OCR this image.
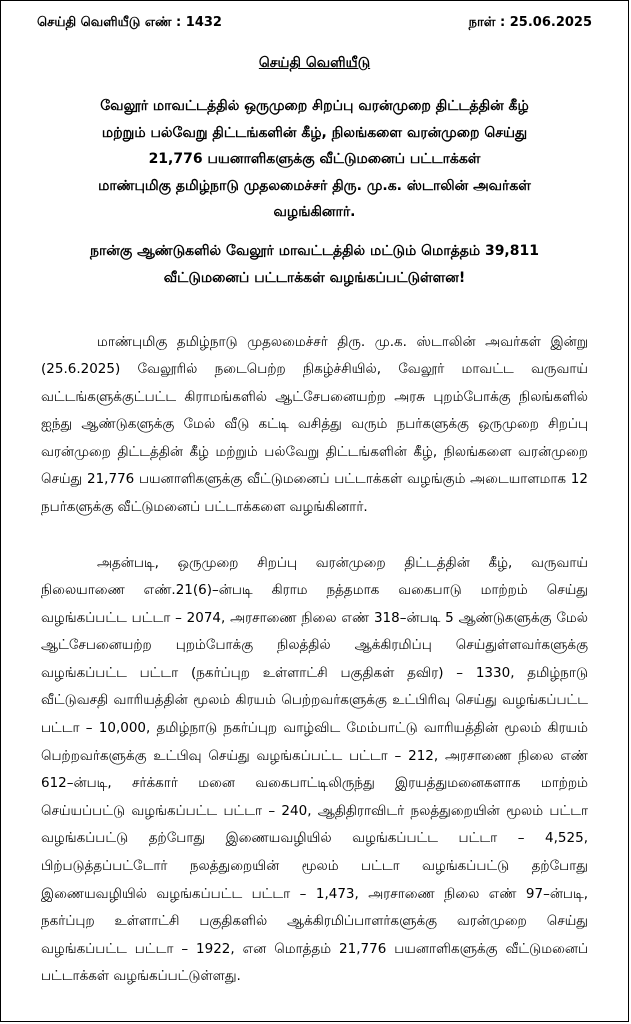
செய்தி வெளியீடு எண் : 1432	நாள் : 25.06.2025
செய்தி வெளியீடு
வேலூர் மாவட்டத்தில் ஒருமுறை சிறப்பு வரன்முறை திட்டத்தின் கீழ்
மற்றும் பல்வேறு திட்டங்களின் கீழ், நிலங்களை வரன்முறை செய்து
21,776 பயனாளிகளுக்கு வீட்டுமனைப் பட்டாக்கள்
மாண்புமிகு தமிழ்நாடு முதலமைச்சர் திரு. மு.க. ஸ்டாலின் அவர்கள்
வழங்கினார்.
நான்கு ஆண்டுகளில் வேலூர் மாவட்டத்தில் மட்டும் மொத்தம் 39,811
வீட்டுமனைப் பட்டாக்கள் வழங்கப்பட்டுள்ளன!

மாண்புமிகு தமிழ்நாடு முதலமைச்சர் திரு. மு.க. ஸ்டாலின் அவர்கள் இன்று (25.6.2025) வேலூரில் நடைபெற்ற நிகழ்ச்சியில், வேலூர் மாவட்ட வருவாய் வட்டங்களுக்குட்பட்ட கிராமங்களில் ஆட்சேபனையற்ற அரசு புறம்போக்கு நிலங்களில் ஐந்து ஆண்டுகளுக்கு மேல் வீடு கட்டி வசித்து வரும் நபர்களுக்கு ஒருமுறை சிறப்பு வரன்முறை திட்டத்தின் கீழ் மற்றும் பல்வேறு திட்டங்களின் கீழ், நிலங்களை வரன்முறை செய்து 21,776 பயனாளிகளுக்கு வீட்டுமனைப் பட்டாக்கள் வழங்கும் அடையாளமாக 12 நபர்களுக்கு வீட்டுமனைப் பட்டாக்களை வழங்கினார்.

அதன்படி, ஒருமுறை சிறப்பு வரன்முறை திட்டத்தின் கீழ், வருவாய் நிலையாணை எண்.21(6)–ன்படி கிராம நத்தமாக வகைபாடு மாற்றம் செய்து வழங்கப்பட்ட பட்டா – 2074, அரசாணை நிலை எண் 318–ன்படி 5 ஆண்டுகளுக்கு மேல் ஆட்சேபனையற்ற புறம்போக்கு நிலத்தில் ஆக்கிரமிப்பு செய்துள்ளவர்களுக்கு வழங்கப்பட்ட பட்டா (நகர்ப்புற உள்ளாட்சி பகுதிகள் தவிர) – 1330, தமிழ்நாடு வீட்டுவசதி வாரியத்தின் மூலம் கிரயம் பெற்றவர்களுக்கு உட்பிரிவு செய்து வழங்கப்பட்ட பட்டா – 10,000, தமிழ்நாடு நகர்ப்புற வாழ்விட மேம்பாட்டு வாரியத்தின் மூலம் கிரயம் பெற்றவர்களுக்கு உட்பிவு செய்து வழங்கப்பட்ட பட்டா – 212, அரசாணை நிலை எண் 612–ன்படி, சர்க்கார் மனை வகைபாட்டிலிருந்து இரயத்துமனைகளாக மாற்றம் செய்யப்பட்டு வழங்கப்பட்ட பட்டா – 240, ஆதிதிராவிடர் நலத்துறையின் மூலம் பட்டா வழங்கப்பட்டு தற்போது இணையவழியில் வழங்கப்பட்ட பட்டா – 4,525, பிற்படுத்தப்பட்டோர் நலத்துறையின் மூலம் பட்டா வழங்கப்பட்டு தற்போது இணையவழியில் வழங்கப்பட்ட பட்டா – 1,473, அரசாணை நிலை எண் 97–ன்படி, நகர்ப்புற உள்ளாட்சி பகுதிகளில் ஆக்கிரமிப்பாளர்களுக்கு வரன்முறை செய்து வழங்கப்பட்ட பட்டா – 1922, என மொத்தம் 21,776 பயனாளிகளுக்கு வீட்டுமனைப் பட்டாக்கள் வழங்கப்பட்டுள்ளது.
